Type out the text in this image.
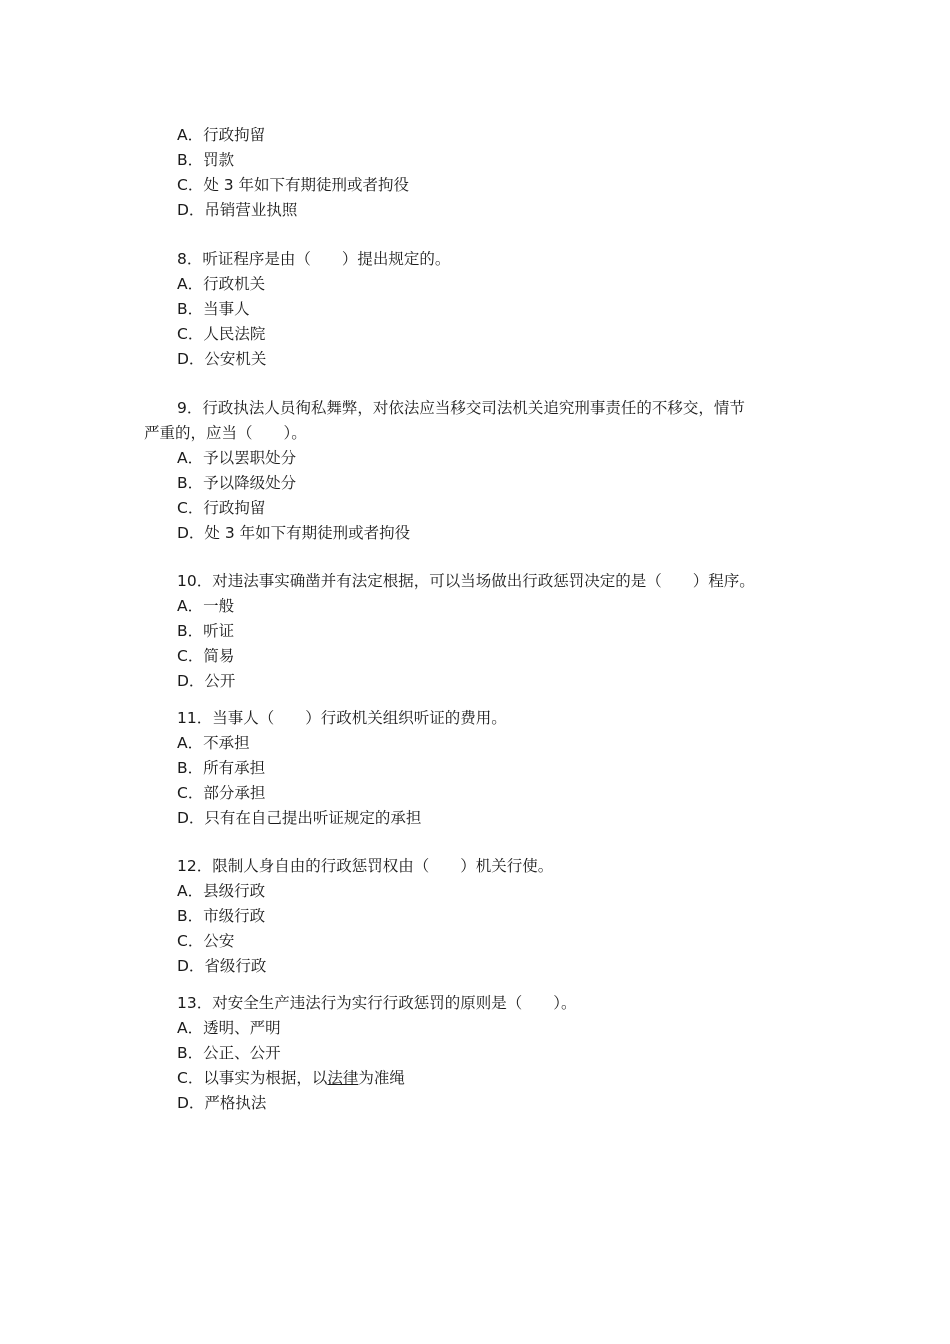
A．行政拘留
B．罚款
C．处 3 年如下有期徒刑或者拘役
D．吊销营业执照
8．听证程序是由（　　）提出规定的。
A．行政机关
B．当事人
C．人民法院
D．公安机关
9．行政执法人员徇私舞弊，对依法应当移交司法机关追究刑事责任的不移交，情节
严重的，应当（　　）。
A．予以罢职处分
B．予以降级处分
C．行政拘留
D．处 3 年如下有期徒刑或者拘役
10．对违法事实确凿并有法定根据，可以当场做出行政惩罚决定的是（　　）程序。
A．一般
B．听证
C．简易
D．公开
11．当事人（　　）行政机关组织听证的费用。
A．不承担
B．所有承担
C．部分承担
D．只有在自己提出听证规定的承担
12．限制人身自由的行政惩罚权由（　　）机关行使。
A．县级行政
B．市级行政
C．公安
D．省级行政
13．对安全生产违法行为实行行政惩罚的原则是（　　）。
A．透明、严明
B．公正、公开
C．以事实为根据，以法律为准绳
D．严格执法
